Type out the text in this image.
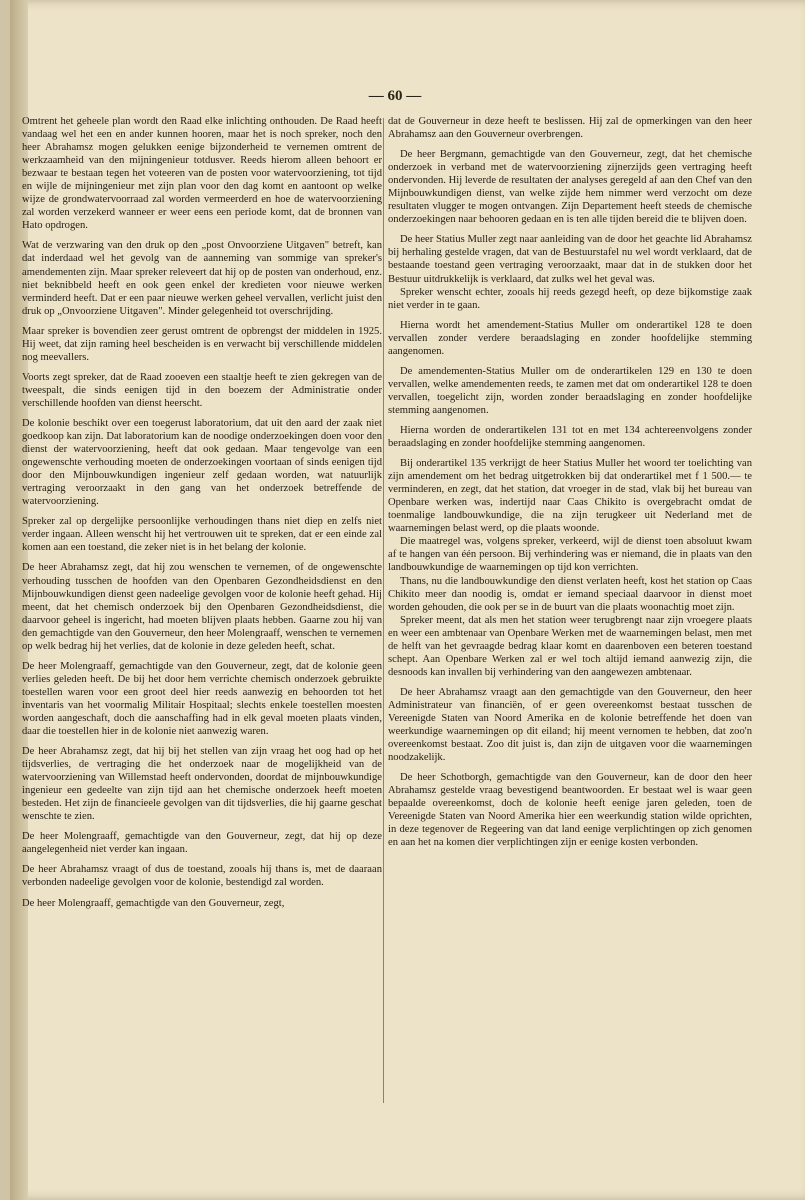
— 60 —

Omtrent het geheele plan wordt den Raad elke inlichting onthouden. De Raad heeft vandaag wel het een en ander kunnen hooren, maar het is noch spreker, noch den heer Abrahamsz mogen gelukken eenige bijzonderheid te vernemen omtrent de werkzaamheid van den mijningenieur totdusver. Reeds hierom alleen behoort er bezwaar te bestaan tegen het voteeren van de posten voor watervoorziening, tot tijd en wijle de mijningenieur met zijn plan voor den dag komt en aantoont op welke wijze de grondwatervoorraad zal worden vermeerderd en hoe de watervoorziening zal worden verzekerd wanneer er weer eens een periode komt, dat de bronnen van Hato opdrogen.

Wat de verzwaring van den druk op den „post Onvoorziene Uitgaven" betreft, kan dat inderdaad wel het gevolg van de aanneming van sommige van spreker's amendementen zijn. Maar spreker releveert dat hij op de posten van onderhoud, enz. niet beknibbeld heeft en ook geen enkel der kredieten voor nieuwe werken verminderd heeft. Dat er een paar nieuwe werken geheel vervallen, verlicht juist den druk op „Onvoorziene Uitgaven". Minder gelegenheid tot overschrijding.

Maar spreker is bovendien zeer gerust omtrent de opbrengst der middelen in 1925. Hij weet, dat zijn raming heel bescheiden is en verwacht bij verschillende middelen nog meevallers.

Voorts zegt spreker, dat de Raad zooeven een staaltje heeft te zien gekregen van de tweespalt, die sinds eenigen tijd in den boezem der Administratie onder verschillende hoofden van dienst heerscht.

De kolonie beschikt over een toegerust laboratorium, dat uit den aard der zaak niet goedkoop kan zijn. Dat laboratorium kan de noodige onderzoekingen doen voor den dienst der watervoorziening, heeft dat ook gedaan. Maar tengevolge van een ongewenschte verhouding moeten de onderzoekingen voortaan of sinds eenigen tijd door den Mijnbouwkundigen ingenieur zelf gedaan worden, wat natuurlijk vertraging veroorzaakt in den gang van het onderzoek betreffende de watervoorziening.

Spreker zal op dergelijke persoonlijke verhoudingen thans niet diep en zelfs niet verder ingaan. Alleen wenscht hij het vertrouwen uit te spreken, dat er een einde zal komen aan een toestand, die zeker niet is in het belang der kolonie.

De heer Abrahamsz zegt, dat hij zou wenschen te vernemen, of de ongewenschte verhouding tusschen de hoofden van den Openbaren Gezondheidsdienst en den Mijnbouwkundigen dienst geen nadeelige gevolgen voor de kolonie heeft gehad. Hij meent, dat het chemisch onderzoek bij den Openbaren Gezondheidsdienst, die daarvoor geheel is ingericht, had moeten blijven plaats hebben. Gaarne zou hij van den gemachtigde van den Gouverneur, den heer Molengraaff, wenschen te vernemen op welk bedrag hij het verlies, dat de kolonie in deze geleden heeft, schat.

De heer Molengraaff, gemachtigde van den Gouverneur, zegt, dat de kolonie geen verlies geleden heeft. De bij het door hem verrichte chemisch onderzoek gebruikte toestellen waren voor een groot deel hier reeds aanwezig en behoorden tot het inventaris van het voormalig Militair Hospitaal; slechts enkele toestellen moesten worden aangeschaft, doch die aanschaffing had in elk geval moeten plaats vinden, daar die toestellen hier in de kolonie niet aanwezig waren.

De heer Abrahamsz zegt, dat hij bij het stellen van zijn vraag het oog had op het tijdsverlies, de vertraging die het onderzoek naar de mogelijkheid van de watervoorziening van Willemstad heeft ondervonden, doordat de mijnbouwkundige ingenieur een gedeelte van zijn tijd aan het chemische onderzoek heeft moeten besteden. Het zijn de financieele gevolgen van dit tijdsverlies, die hij gaarne geschat wenschte te zien.

De heer Molengraaff, gemachtigde van den Gouverneur, zegt, dat hij op deze aangelegenheid niet verder kan ingaan.

De heer Abrahamsz vraagt of dus de toestand, zooals hij thans is, met de daaraan verbonden nadeelige gevolgen voor de kolonie, bestendigd zal worden.

De heer Molengraaff, gemachtigde van den Gouverneur, zegt,

dat de Gouverneur in deze heeft te beslissen. Hij zal de opmerkingen van den heer Abrahamsz aan den Gouverneur overbrengen.

De heer Bergmann, gemachtigde van den Gouverneur, zegt, dat het chemische onderzoek in verband met de watervoorziening zijnerzijds geen vertraging heeft ondervonden. Hij leverde de resultaten der analyses geregeld af aan den Chef van den Mijnbouwkundigen dienst, van welke zijde hem nimmer werd verzocht om deze resultaten vlugger te mogen ontvangen. Zijn Departement heeft steeds de chemische onderzoekingen naar behooren gedaan en is ten alle tijden bereid die te blijven doen.

De heer Statius Muller zegt naar aanleiding van de door het geachte lid Abrahamsz bij herhaling gestelde vragen, dat van de Bestuurstafel nu wel wordt verklaard, dat de bestaande toestand geen vertraging veroorzaakt, maar dat in de stukken door het Bestuur uitdrukkelijk is verklaard, dat zulks wel het geval was.

Spreker wenscht echter, zooals hij reeds gezegd heeft, op deze bijkomstige zaak niet verder in te gaan.

Hierna wordt het amendement-Statius Muller om onderartikel 128 te doen vervallen zonder verdere beraadslaging en zonder hoofdelijke stemming aangenomen.

De amendementen-Statius Muller om de onderartikelen 129 en 130 te doen vervallen, welke amendementen reeds, te zamen met dat om onderartikel 128 te doen vervallen, toegelicht zijn, worden zonder beraadslaging en zonder hoofdelijke stemming aangenomen.

Hierna worden de onderartikelen 131 tot en met 134 achtereenvolgens zonder beraadslaging en zonder hoofdelijke stemming aangenomen.

Bij onderartikel 135 verkrijgt de heer Statius Muller het woord ter toelichting van zijn amendement om het bedrag uitgetrokken bij dat onderartikel met f 1 500.— te verminderen, en zegt, dat het station, dat vroeger in de stad, vlak bij het bureau van Openbare werken was, indertijd naar Caas Chikito is overgebracht omdat de toenmalige landbouwkundige, die na zijn terugkeer uit Nederland met de waarnemingen belast werd, op die plaats woonde.

Die maatregel was, volgens spreker, verkeerd, wijl de dienst toen absoluut kwam af te hangen van één persoon. Bij verhindering was er niemand, die in plaats van den landbouwkundige de waarnemingen op tijd kon verrichten.

Thans, nu die landbouwkundige den dienst verlaten heeft, kost het station op Caas Chikito meer dan noodig is, omdat er iemand speciaal daarvoor in dienst moet worden gehouden, die ook per se in de buurt van die plaats woonachtig moet zijn.

Spreker meent, dat als men het station weer terugbrengt naar zijn vroegere plaats en weer een ambtenaar van Openbare Werken met de waarnemingen belast, men met de helft van het gevraagde bedrag klaar komt en daarenboven een beteren toestand schept. Aan Openbare Werken zal er wel toch altijd iemand aanwezig zijn, die desnoods kan invallen bij verhindering van den aangewezen ambtenaar.

De heer Abrahamsz vraagt aan den gemachtigde van den Gouverneur, den heer Administrateur van financiën, of er geen overeenkomst bestaat tusschen de Vereenigde Staten van Noord Amerika en de kolonie betreffende het doen van weerkundige waarnemingen op dit eiland; hij meent vernomen te hebben, dat zoo'n overeenkomst bestaat. Zoo dit juist is, dan zijn de uitgaven voor die waarnemingen noodzakelijk.

De heer Schotborgh, gemachtigde van den Gouverneur, kan de door den heer Abrahamsz gestelde vraag bevestigend beantwoorden. Er bestaat wel is waar geen bepaalde overeenkomst, doch de kolonie heeft eenige jaren geleden, toen de Vereenigde Staten van Noord Amerika hier een weerkundig station wilde oprichten, in deze tegenover de Regeering van dat land eenige verplichtingen op zich genomen en aan het na komen dier verplichtingen zijn er eenige kosten verbonden.
